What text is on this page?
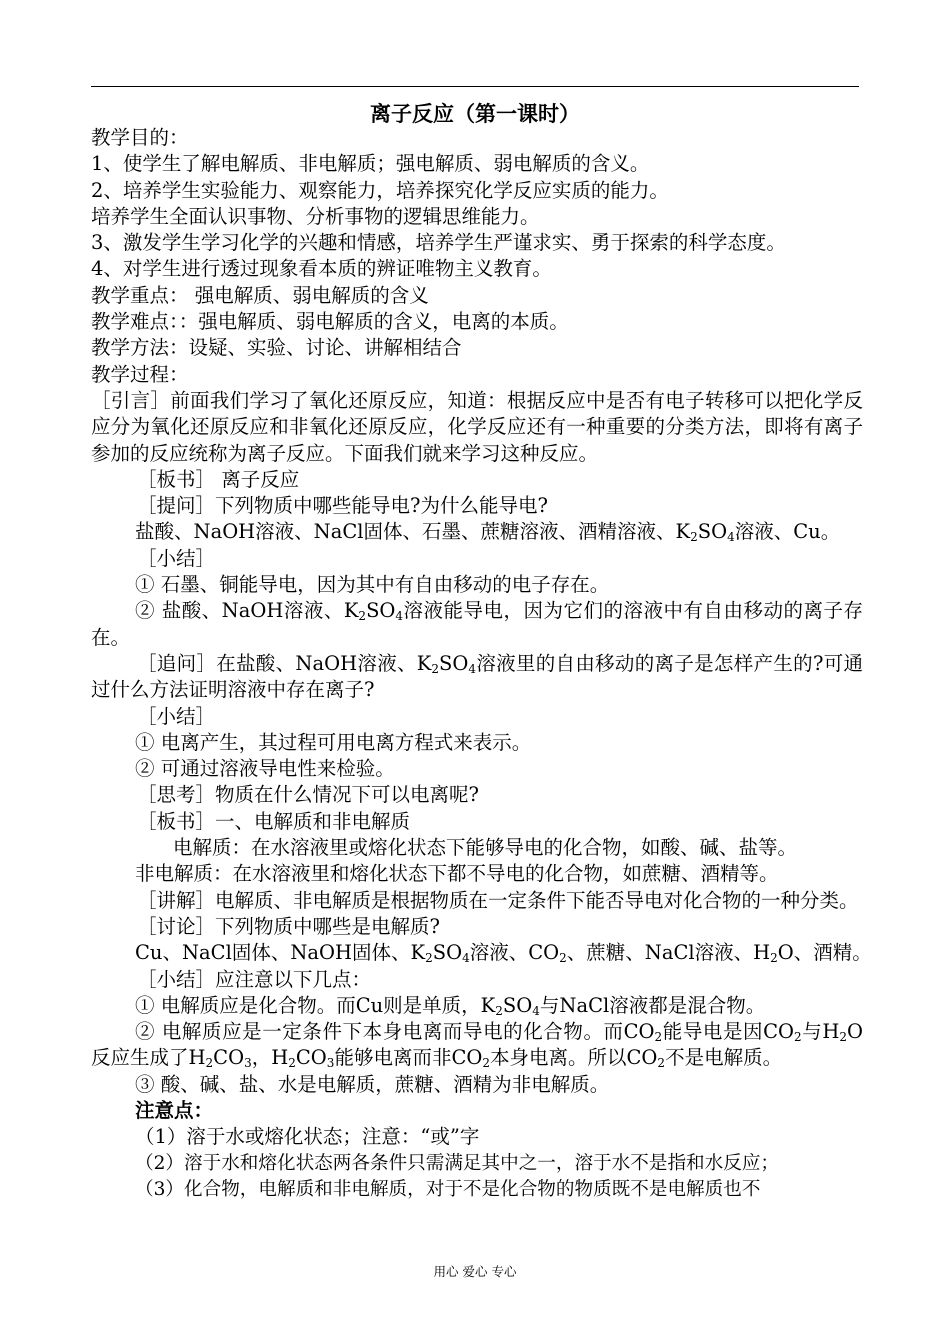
离子反应（第一课时）
教学目的：
1、使学生了解电解质、非电解质；强电解质、弱电解质的含义。
2、培养学生实验能力、观察能力，培养探究化学反应实质的能力。
培养学生全面认识事物、分析事物的逻辑思维能力。
3、激发学生学习化学的兴趣和情感，培养学生严谨求实、勇于探索的科学态度。
4、对学生进行透过现象看本质的辨证唯物主义教育。
教学重点： 强电解质、弱电解质的含义
教学难点：：强电解质、弱电解质的含义，电离的本质。
教学方法：设疑、实验、讨论、讲解相结合
教学过程：
［引言］前面我们学习了氧化还原反应，知道：根据反应中是否有电子转移可以把化学反应分为氧化还原反应和非氧化还原反应，化学反应还有一种重要的分类方法，即将有离子参加的反应统称为离子反应。下面我们就来学习这种反应。
［板书］ 离子反应
［提问］下列物质中哪些能导电?为什么能导电?
盐酸、NaOH溶液、NaCl固体、石墨、蔗糖溶液、酒精溶液、$K_2SO_4$溶液、Cu。
［小结］
① 石墨、铜能导电，因为其中有自由移动的电子存在。
② 盐酸、NaOH溶液、$K_2SO_4$溶液能导电，因为它们的溶液中有自由移动的离子存在。
［追问］在盐酸、NaOH溶液、$K_2SO_4$溶液里的自由移动的离子是怎样产生的?可通过什么方法证明溶液中存在离子?
［小结］
① 电离产生，其过程可用电离方程式来表示。
② 可通过溶液导电性来检验。
［思考］物质在什么情况下可以电离呢?
［板书］一、电解质和非电解质
电解质：在水溶液里或熔化状态下能够导电的化合物，如酸、碱、盐等。
非电解质：在水溶液里和熔化状态下都不导电的化合物，如蔗糖、酒精等。
［讲解］电解质、非电解质是根据物质在一定条件下能否导电对化合物的一种分类。
［讨论］下列物质中哪些是电解质?
Cu、NaCl固体、NaOH固体、$K_2SO_4$溶液、$CO_2$、蔗糖、NaCl溶液、$H_2O$、酒精。
［小结］应注意以下几点：
① 电解质应是化合物。而Cu则是单质，$K_2SO_4$与NaCl溶液都是混合物。
② 电解质应是一定条件下本身电离而导电的化合物。而$CO_2$能导电是因$CO_2$与$H_2O$反应生成了$H_2CO_3$，$H_2CO_3$能够电离而非$CO_2$本身电离。所以$CO_2$不是电解质。
③ 酸、碱、盐、水是电解质，蔗糖、酒精为非电解质。
注意点：
（1）溶于水或熔化状态；注意：“或”字
（2）溶于水和熔化状态两各条件只需满足其中之一，溶于水不是指和水反应；
（3）化合物，电解质和非电解质，对于不是化合物的物质既不是电解质也不
用心 爱心 专心
